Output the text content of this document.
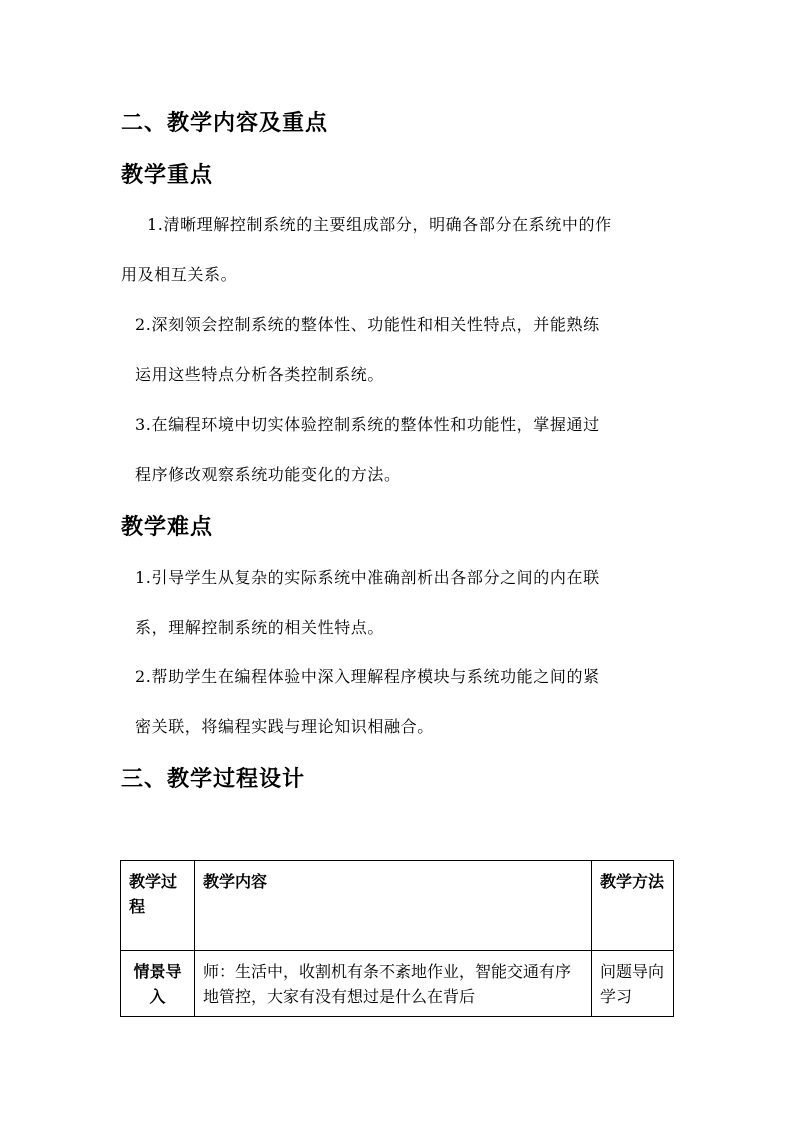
二、教学内容及重点
教学重点
1.清晰理解控制系统的主要组成部分，明确各部分在系统中的作
用及相互关系。
2.深刻领会控制系统的整体性、功能性和相关性特点，并能熟练
运用这些特点分析各类控制系统。
3.在编程环境中切实体验控制系统的整体性和功能性，掌握通过
程序修改观察系统功能变化的方法。
教学难点
1.引导学生从复杂的实际系统中准确剖析出各部分之间的内在联
系，理解控制系统的相关性特点。
2.帮助学生在编程体验中深入理解程序模块与系统功能之间的紧
密关联，将编程实践与理论知识相融合。
三、教学过程设计
教学过程	教学内容	教学方法
情景导入	师：生活中，收割机有条不紊地作业，智能交通有序地管控，大家有没有想过是什么在背后	问题导向学习
